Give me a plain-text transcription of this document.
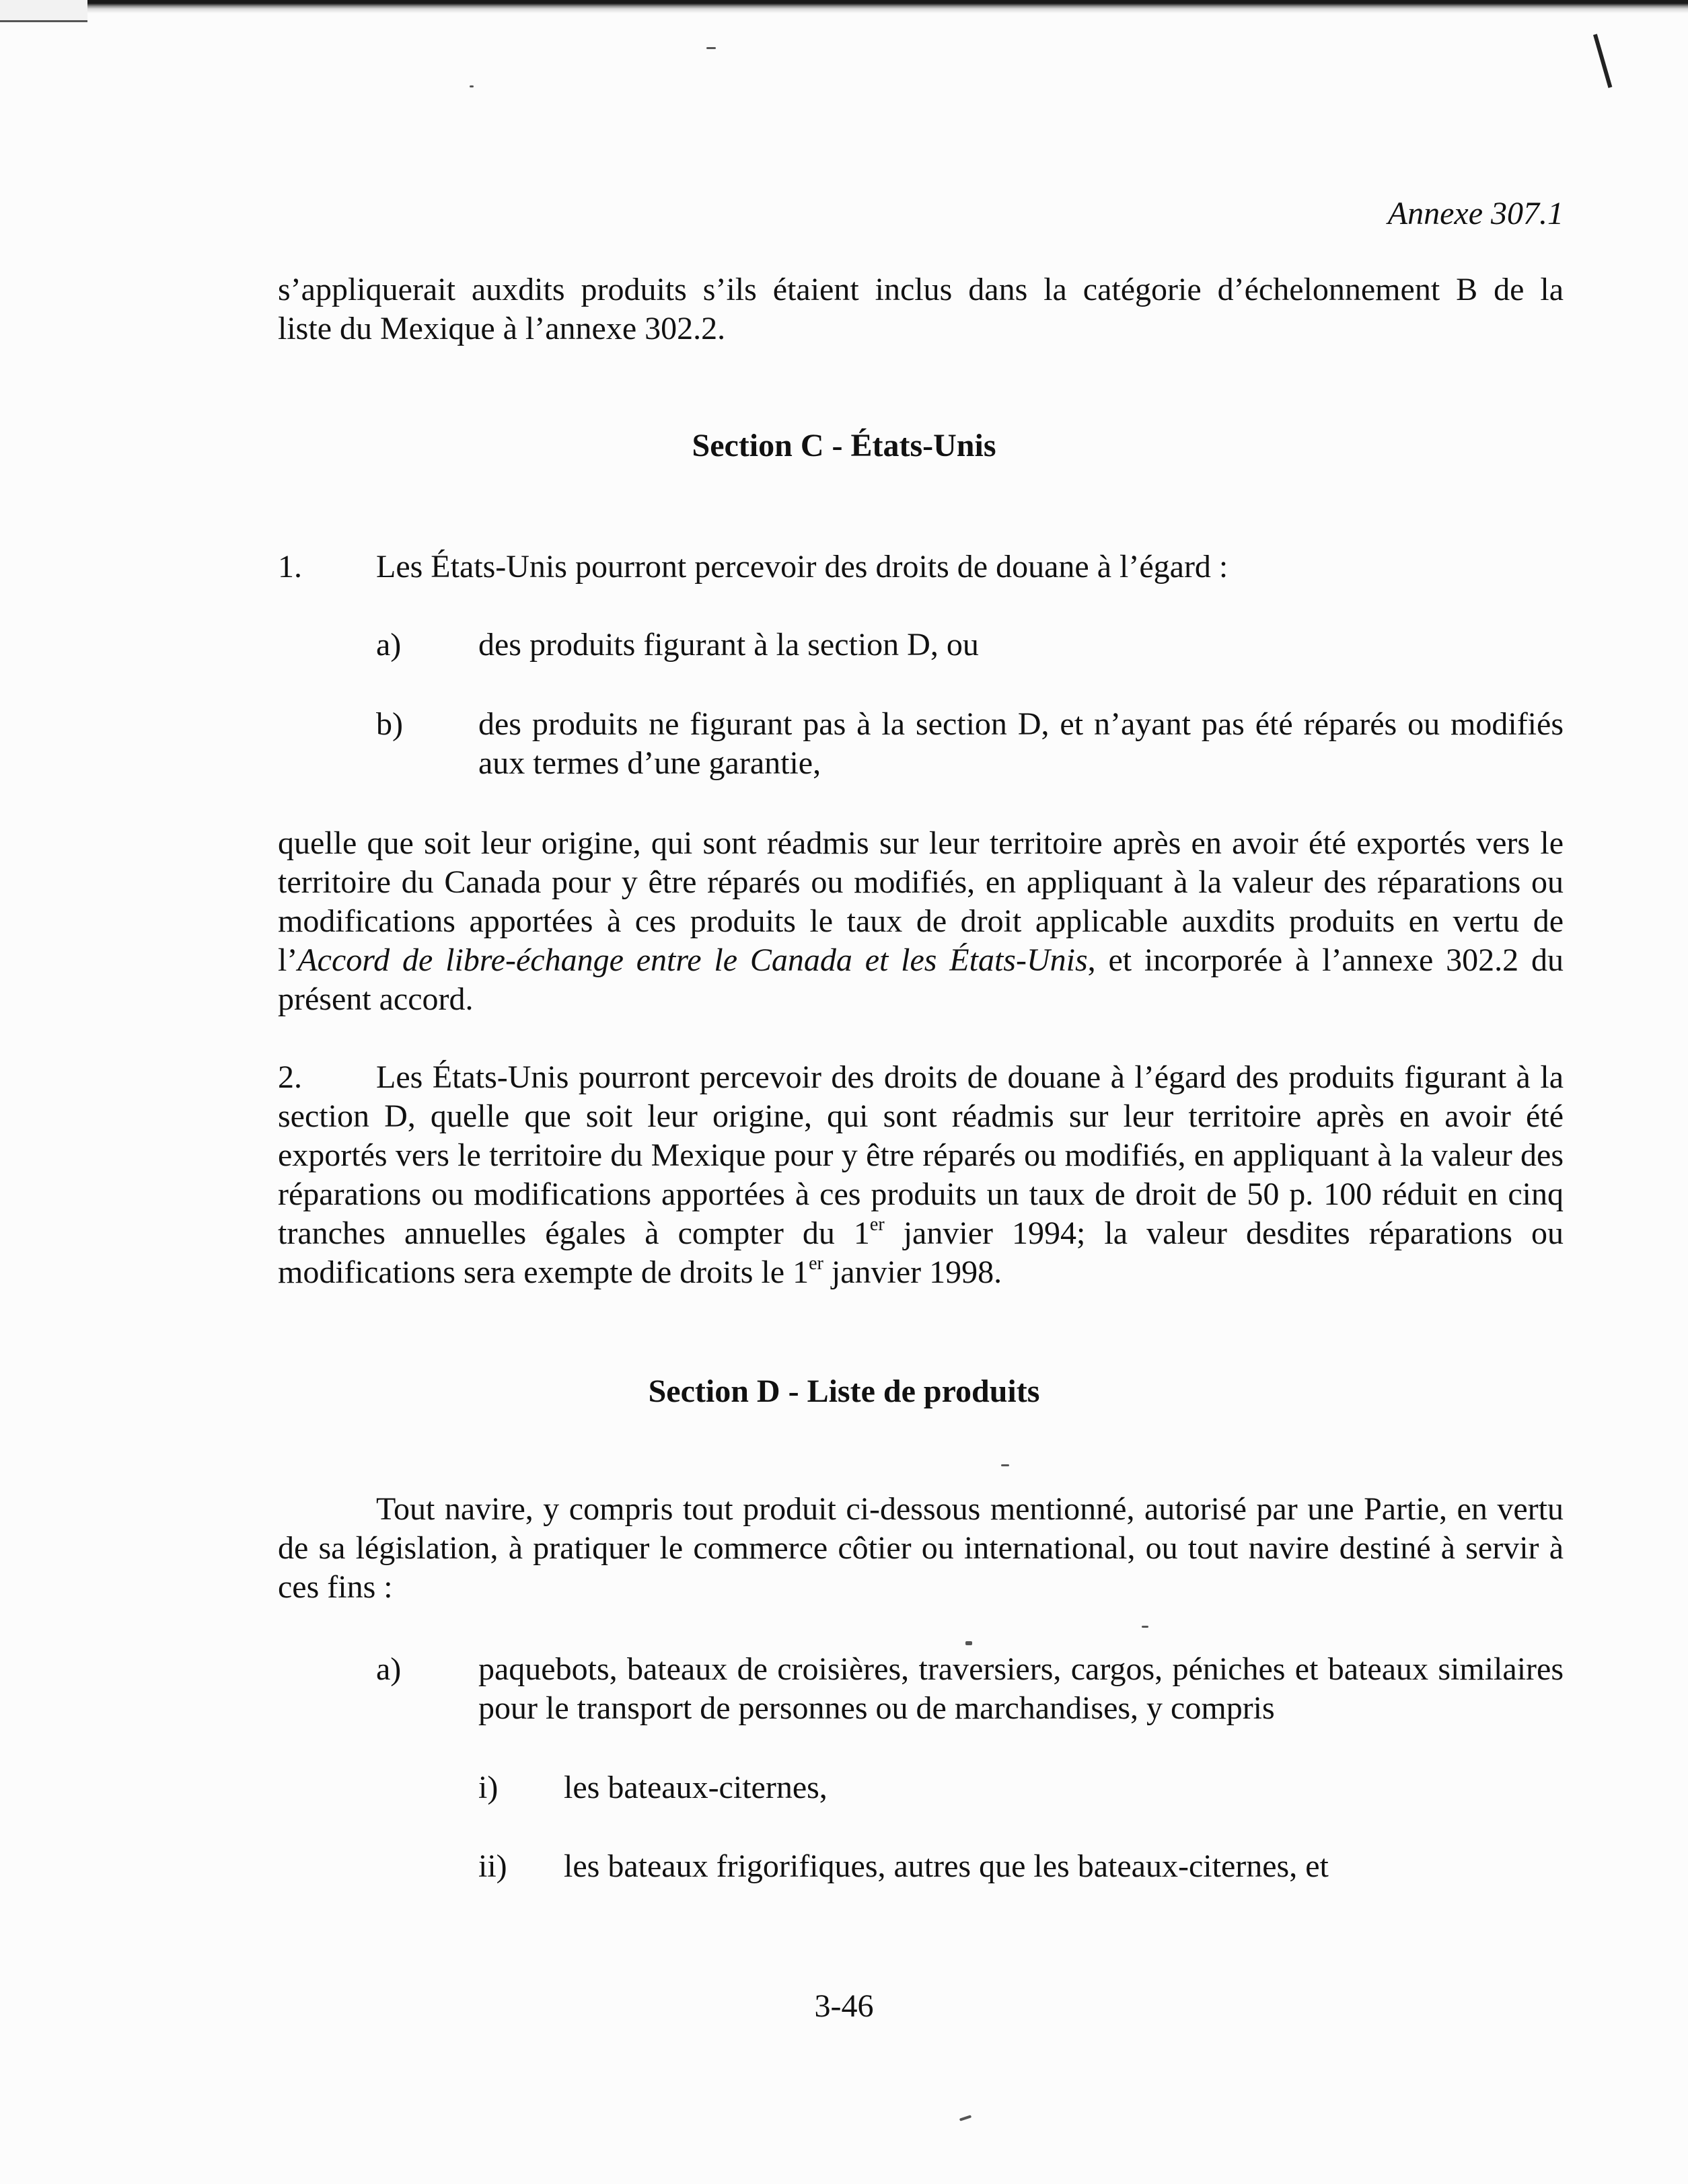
Annexe 307.1
s’appliquerait auxdits produits s’ils étaient inclus dans la catégorie d’échelonnement B de la
liste du Mexique à l’annexe 302.2.
Section C - États-Unis
1. Les États-Unis pourront percevoir des droits de douane à l’égard :
a) des produits figurant à la section D, ou
b) des produits ne figurant pas à la section D, et n’ayant pas été réparés ou modifiés aux termes d’une garantie,
quelle que soit leur origine, qui sont réadmis sur leur territoire après en avoir été exportés vers le territoire du Canada pour y être réparés ou modifiés, en appliquant à la valeur des réparations ou modifications apportées à ces produits le taux de droit applicable auxdits produits en vertu de l’Accord de libre-échange entre le Canada et les États-Unis, et incorporée à l’annexe 302.2 du présent accord.
2. Les États-Unis pourront percevoir des droits de douane à l’égard des produits figurant à la section D, quelle que soit leur origine, qui sont réadmis sur leur territoire après en avoir été exportés vers le territoire du Mexique pour y être réparés ou modifiés, en appliquant à la valeur des réparations ou modifications apportées à ces produits un taux de droit de 50 p. 100 réduit en cinq tranches annuelles égales à compter du 1er janvier 1994; la valeur desdites réparations ou modifications sera exempte de droits le 1er janvier 1998.
Section D - Liste de produits
Tout navire, y compris tout produit ci-dessous mentionné, autorisé par une Partie, en vertu de sa législation, à pratiquer le commerce côtier ou international, ou tout navire destiné à servir à ces fins :
a) paquebots, bateaux de croisières, traversiers, cargos, péniches et bateaux similaires pour le transport de personnes ou de marchandises, y compris
i) les bateaux-citernes,
ii) les bateaux frigorifiques, autres que les bateaux-citernes, et
3-46
